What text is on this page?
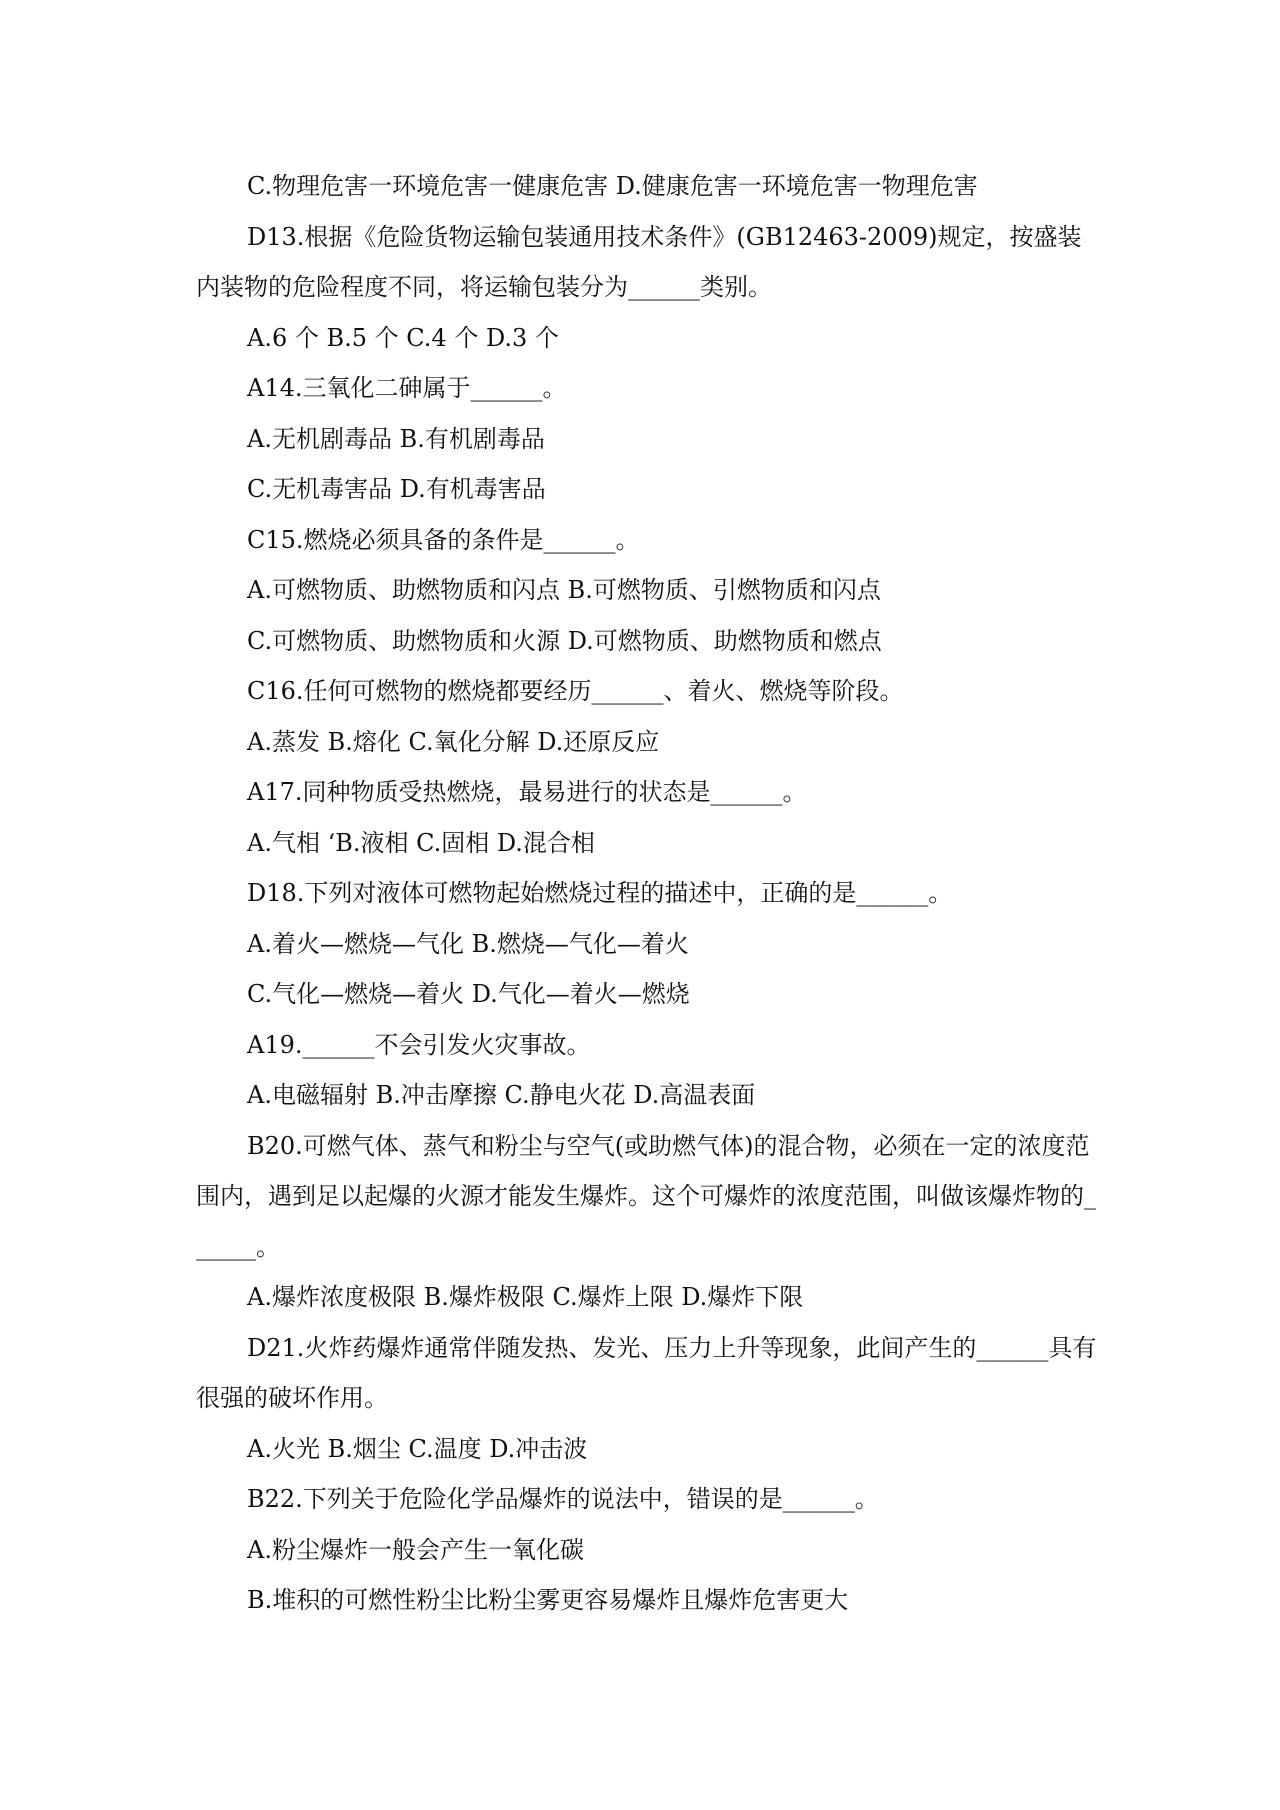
C.物理危害一环境危害一健康危害 D.健康危害一环境危害一物理危害

D13.根据《危险货物运输包装通用技术条件》(GB12463-2009)规定，按盛装内装物的危险程度不同，将运输包装分为______类别。

A.6 个 B.5 个 C.4 个 D.3 个

A14.三氧化二砷属于______。

A.无机剧毒品 B.有机剧毒品

C.无机毒害品 D.有机毒害品

C15.燃烧必须具备的条件是______。

A.可燃物质、助燃物质和闪点 B.可燃物质、引燃物质和闪点

C.可燃物质、助燃物质和火源 D.可燃物质、助燃物质和燃点

C16.任何可燃物的燃烧都要经历______、着火、燃烧等阶段。

A.蒸发 B.熔化 C.氧化分解 D.还原反应

A17.同种物质受热燃烧，最易进行的状态是______。

A.气相 ‘B.液相 C.固相 D.混合相

D18.下列对液体可燃物起始燃烧过程的描述中，正确的是______。

A.着火—燃烧—气化 B.燃烧—气化—着火

C.气化—燃烧—着火 D.气化—着火—燃烧

A19.______不会引发火灾事故。

A.电磁辐射 B.冲击摩擦 C.静电火花 D.高温表面

B20.可燃气体、蒸气和粉尘与空气(或助燃气体)的混合物，必须在一定的浓度范围内，遇到足以起爆的火源才能发生爆炸。这个可爆炸的浓度范围，叫做该爆炸物的______。

A.爆炸浓度极限 B.爆炸极限 C.爆炸上限 D.爆炸下限

D21.火炸药爆炸通常伴随发热、发光、压力上升等现象，此间产生的______具有很强的破坏作用。

A.火光 B.烟尘 C.温度 D.冲击波

B22.下列关于危险化学品爆炸的说法中，错误的是______。

A.粉尘爆炸一般会产生一氧化碳

B.堆积的可燃性粉尘比粉尘雾更容易爆炸且爆炸危害更大
